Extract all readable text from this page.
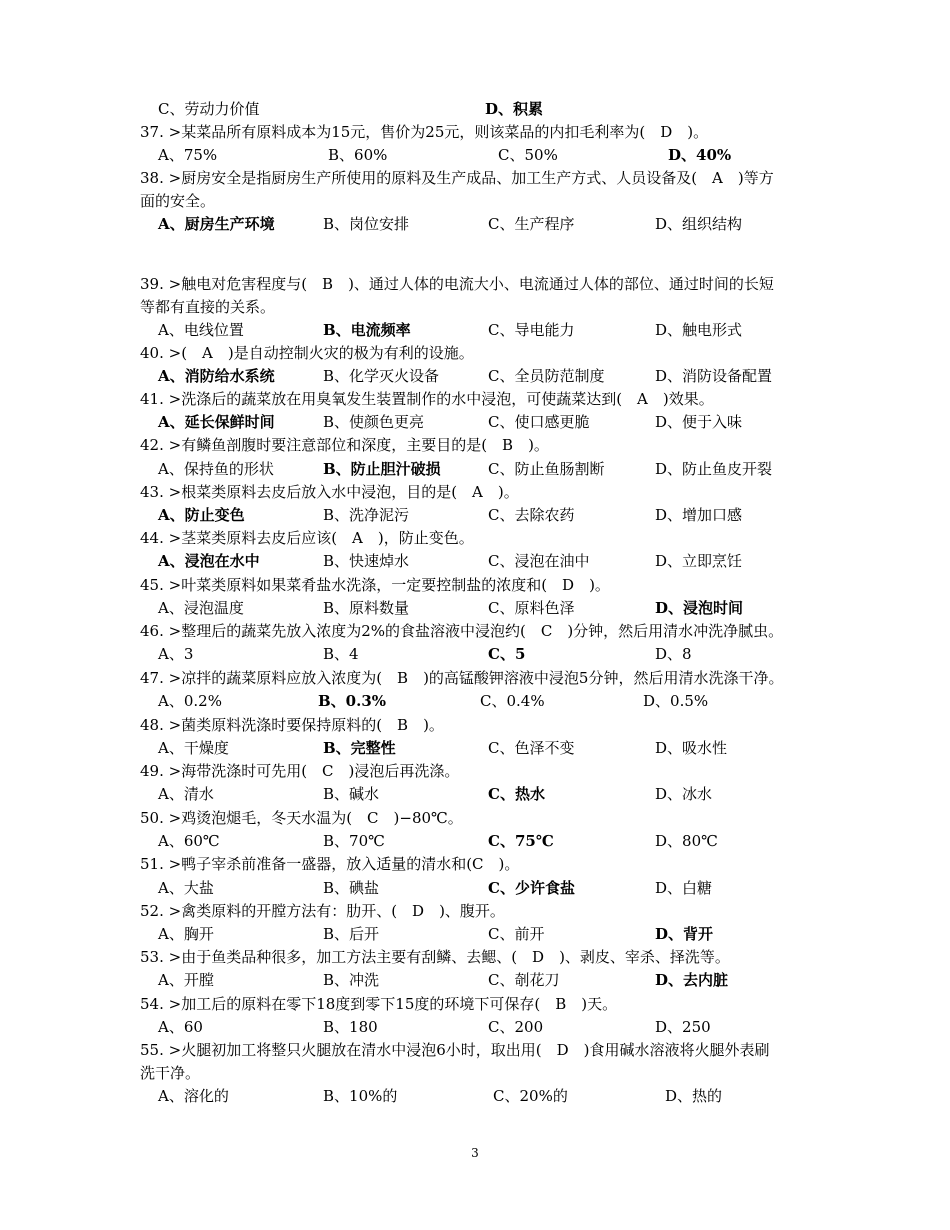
C、劳动力价值	D、积累
37. >某菜品所有原料成本为15元，售价为25元，则该菜品的内扣毛利率为(　D　)。
A、75%	B、60%	C、50%	D、40%
38. >厨房安全是指厨房生产所使用的原料及生产成品、加工生产方式、人员设备及(　A　)等方
面的安全。
A、厨房生产环境	B、岗位安排	C、生产程序	D、组织结构
39. >触电对危害程度与(　B　)、通过人体的电流大小、电流通过人体的部位、通过时间的长短
等都有直接的关系。
A、电线位置	B、电流频率	C、导电能力	D、触电形式
40. >(　A　)是自动控制火灾的极为有利的设施。
A、消防给水系统	B、化学灭火设备	C、全员防范制度	D、消防设备配置
41. >洗涤后的蔬菜放在用臭氧发生装置制作的水中浸泡，可使蔬菜达到(　A　)效果。
A、延长保鲜时间	B、使颜色更亮	C、使口感更脆	D、便于入味
42. >有鳞鱼剖腹时要注意部位和深度，主要目的是(　B　)。
A、保持鱼的形状	B、防止胆汁破损	C、防止鱼肠割断	D、防止鱼皮开裂
43. >根菜类原料去皮后放入水中浸泡，目的是(　A　)。
A、防止变色	B、洗净泥污	C、去除农药	D、增加口感
44. >茎菜类原料去皮后应该(　A　)，防止变色。
A、浸泡在水中	B、快速焯水	C、浸泡在油中	D、立即烹饪
45. >叶菜类原料如果菜肴盐水洗涤，一定要控制盐的浓度和(　D　)。
A、浸泡温度	B、原料数量	C、原料色泽	D、浸泡时间
46. >整理后的蔬菜先放入浓度为2%的食盐溶液中浸泡约(　C　)分钟，然后用清水冲洗净腻虫。
A、3	B、4	C、5	D、8
47. >凉拌的蔬菜原料应放入浓度为(　B　)的高锰酸钾溶液中浸泡5分钟，然后用清水洗涤干净。
A、0.2%	B、0.3%	C、0.4%	D、0.5%
48. >菌类原料洗涤时要保持原料的(　B　)。
A、干燥度	B、完整性	C、色泽不变	D、吸水性
49. >海带洗涤时可先用(　C　)浸泡后再洗涤。
A、清水	B、碱水	C、热水	D、冰水
50. >鸡烫泡煺毛，冬天水温为(　C　)−80℃。
A、60℃	B、70℃	C、75℃	D、80℃
51. >鸭子宰杀前准备一盛器，放入适量的清水和(C　)。
A、大盐	B、碘盐	C、少许食盐	D、白糖
52. >禽类原料的开膛方法有：肋开、(　D　)、腹开。
A、胸开	B、后开	C、前开	D、背开
53. >由于鱼类品种很多，加工方法主要有刮鳞、去鳃、(　D　)、剥皮、宰杀、择洗等。
A、开膛	B、冲洗	C、剞花刀	D、去内脏
54. >加工后的原料在零下18度到零下15度的环境下可保存(　B　)天。
A、60	B、180	C、200	D、250
55. >火腿初加工将整只火腿放在清水中浸泡6小时，取出用(　D　)食用碱水溶液将火腿外表刷
洗干净。
A、溶化的	B、10%的	C、20%的	D、热的
3
